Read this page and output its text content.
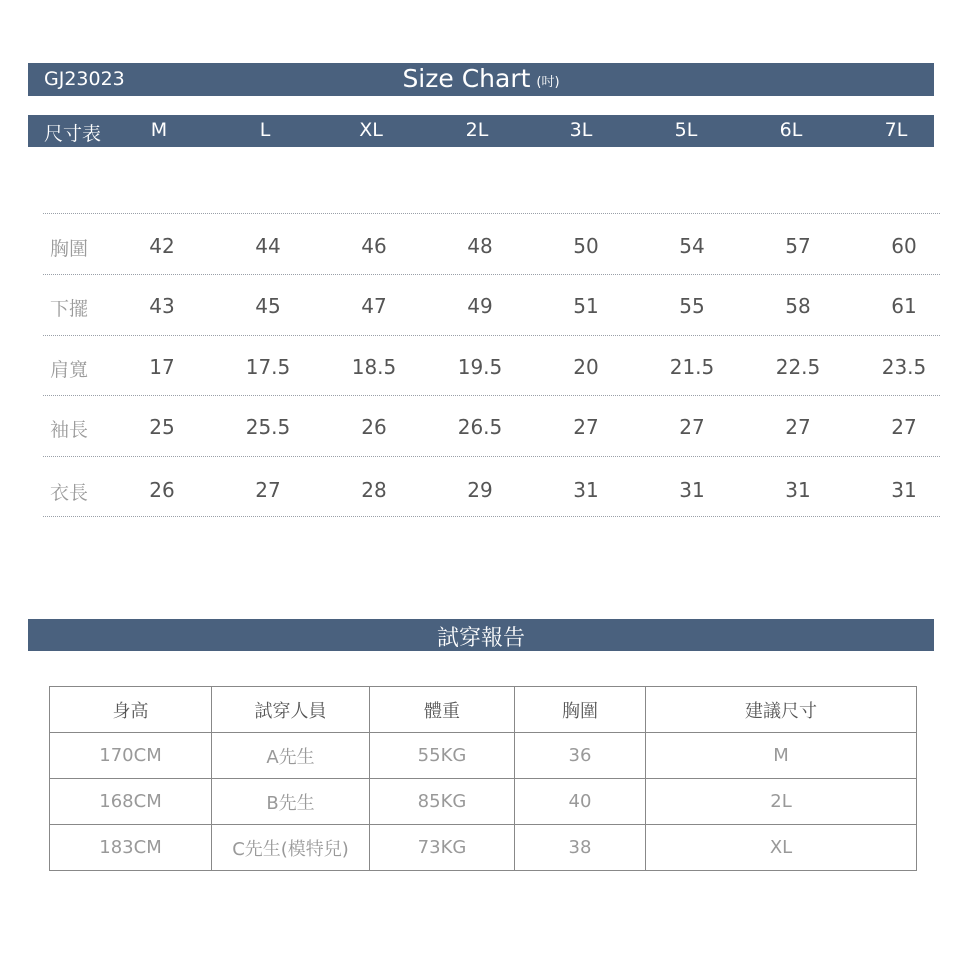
GJ23023	Size Chart (吋)
尺寸表	M	L	XL	2L	3L	5L	6L	7L
胸圍	42	44	46	48	50	54	57	60
下擺	43	45	47	49	51	55	58	61
肩寬	17	17.5	18.5	19.5	20	21.5	22.5	23.5
袖長	25	25.5	26	26.5	27	27	27	27
衣長	26	27	28	29	31	31	31	31
試穿報告
身高	試穿人員	體重	胸圍	建議尺寸
170CM	A先生	55KG	36	M
168CM	B先生	85KG	40	2L
183CM	C先生(模特兒)	73KG	38	XL
